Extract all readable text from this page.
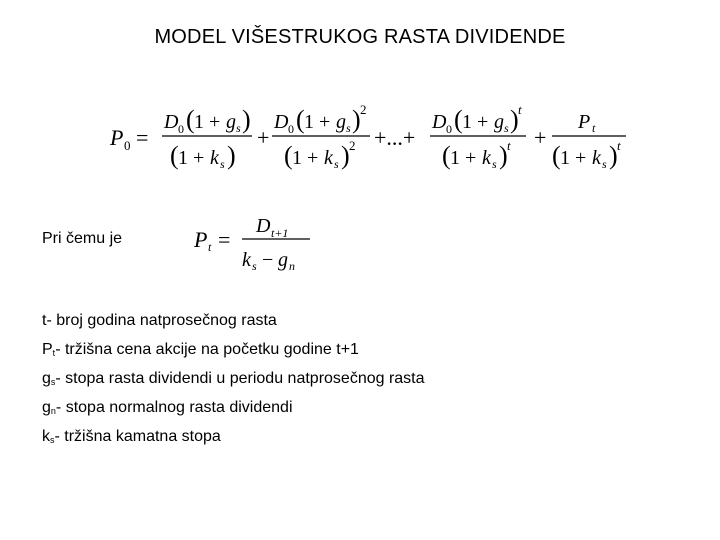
MODEL VIŠESTRUKOG RASTA DIVIDENDE
P 0 =
D 0 ( 1 + g s )
( 1 + k s )
+
D 0 ( 1 + g s ) 2
( 1 + k s ) 2 +...+
D 0 ( 1 + g s ) t
( 1 + k s ) t +
P t
( 1 + k s ) t
Pri čemu je	P t =
D t+1
k s − g n
t- broj godina natprosečnog rasta
$P_t-$ tržišna cena akcije na početku godine t+1
$g_s-$ stopa rasta dividendi u periodu natprosečnog rasta
$g_n-$ stopa normalnog rasta dividendi
$k_s-$ tržišna kamatna stopa
